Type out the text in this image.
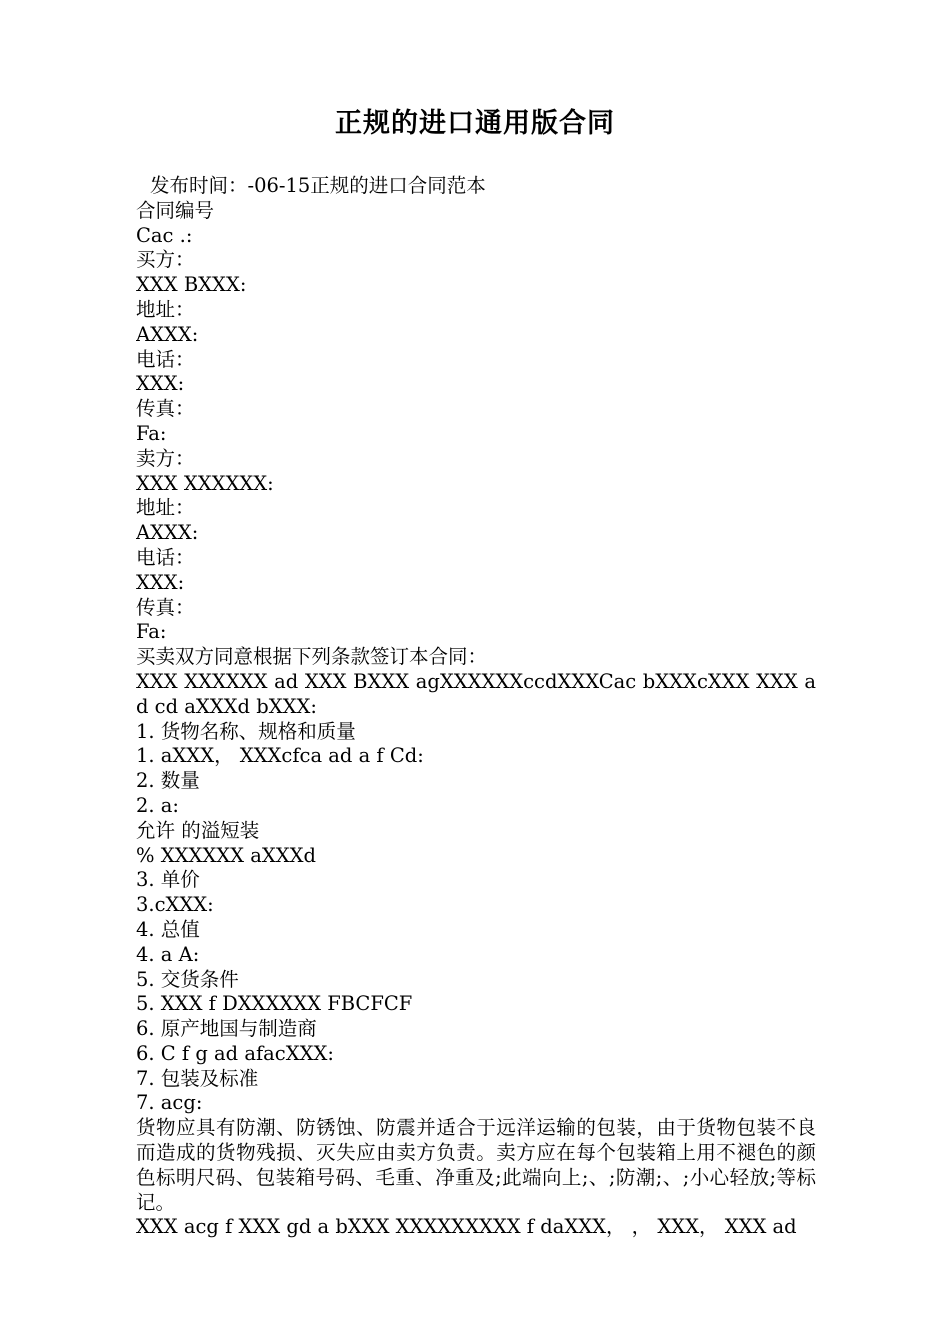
正规的进口通用版合同
发布时间：-06-15正规的进口合同范本
合同编号
Cac .:
买方：
XXX BXXX:
地址：
AXXX:
电话：
XXX:
传真：
Fa:
卖方：
XXX XXXXXX:
地址：
AXXX:
电话：
XXX:
传真：
Fa:
买卖双方同意根据下列条款签订本合同：
XXX XXXXXX ad XXX BXXX agXXXXXXccdXXXCac bXXXcXXX XXX ad cd aXXXd bXXX:
1. 货物名称、规格和质量
1. aXXX， XXXcfca ad a f Cd:
2. 数量
2. a:
允许 的溢短装
% XXXXXX aXXXd
3. 单价
3.cXXX:
4. 总值
4. a A:
5. 交货条件
5. XXX f DXXXXXX FBCFCF
6. 原产地国与制造商
6. C f g ad afacXXX:
7. 包装及标准
7. acg:
货物应具有防潮、防锈蚀、防震并适合于远洋运输的包装，由于货物包装不良而造成的货物残损、灭失应由卖方负责。卖方应在每个包装箱上用不褪色的颜色标明尺码、包装箱号码、毛重、净重及;此端向上;、;防潮;、;小心轻放;等标记。
XXX acg f XXX gd a bXXX XXXXXXXXX f daXXX， ， XXX， XXX ad
